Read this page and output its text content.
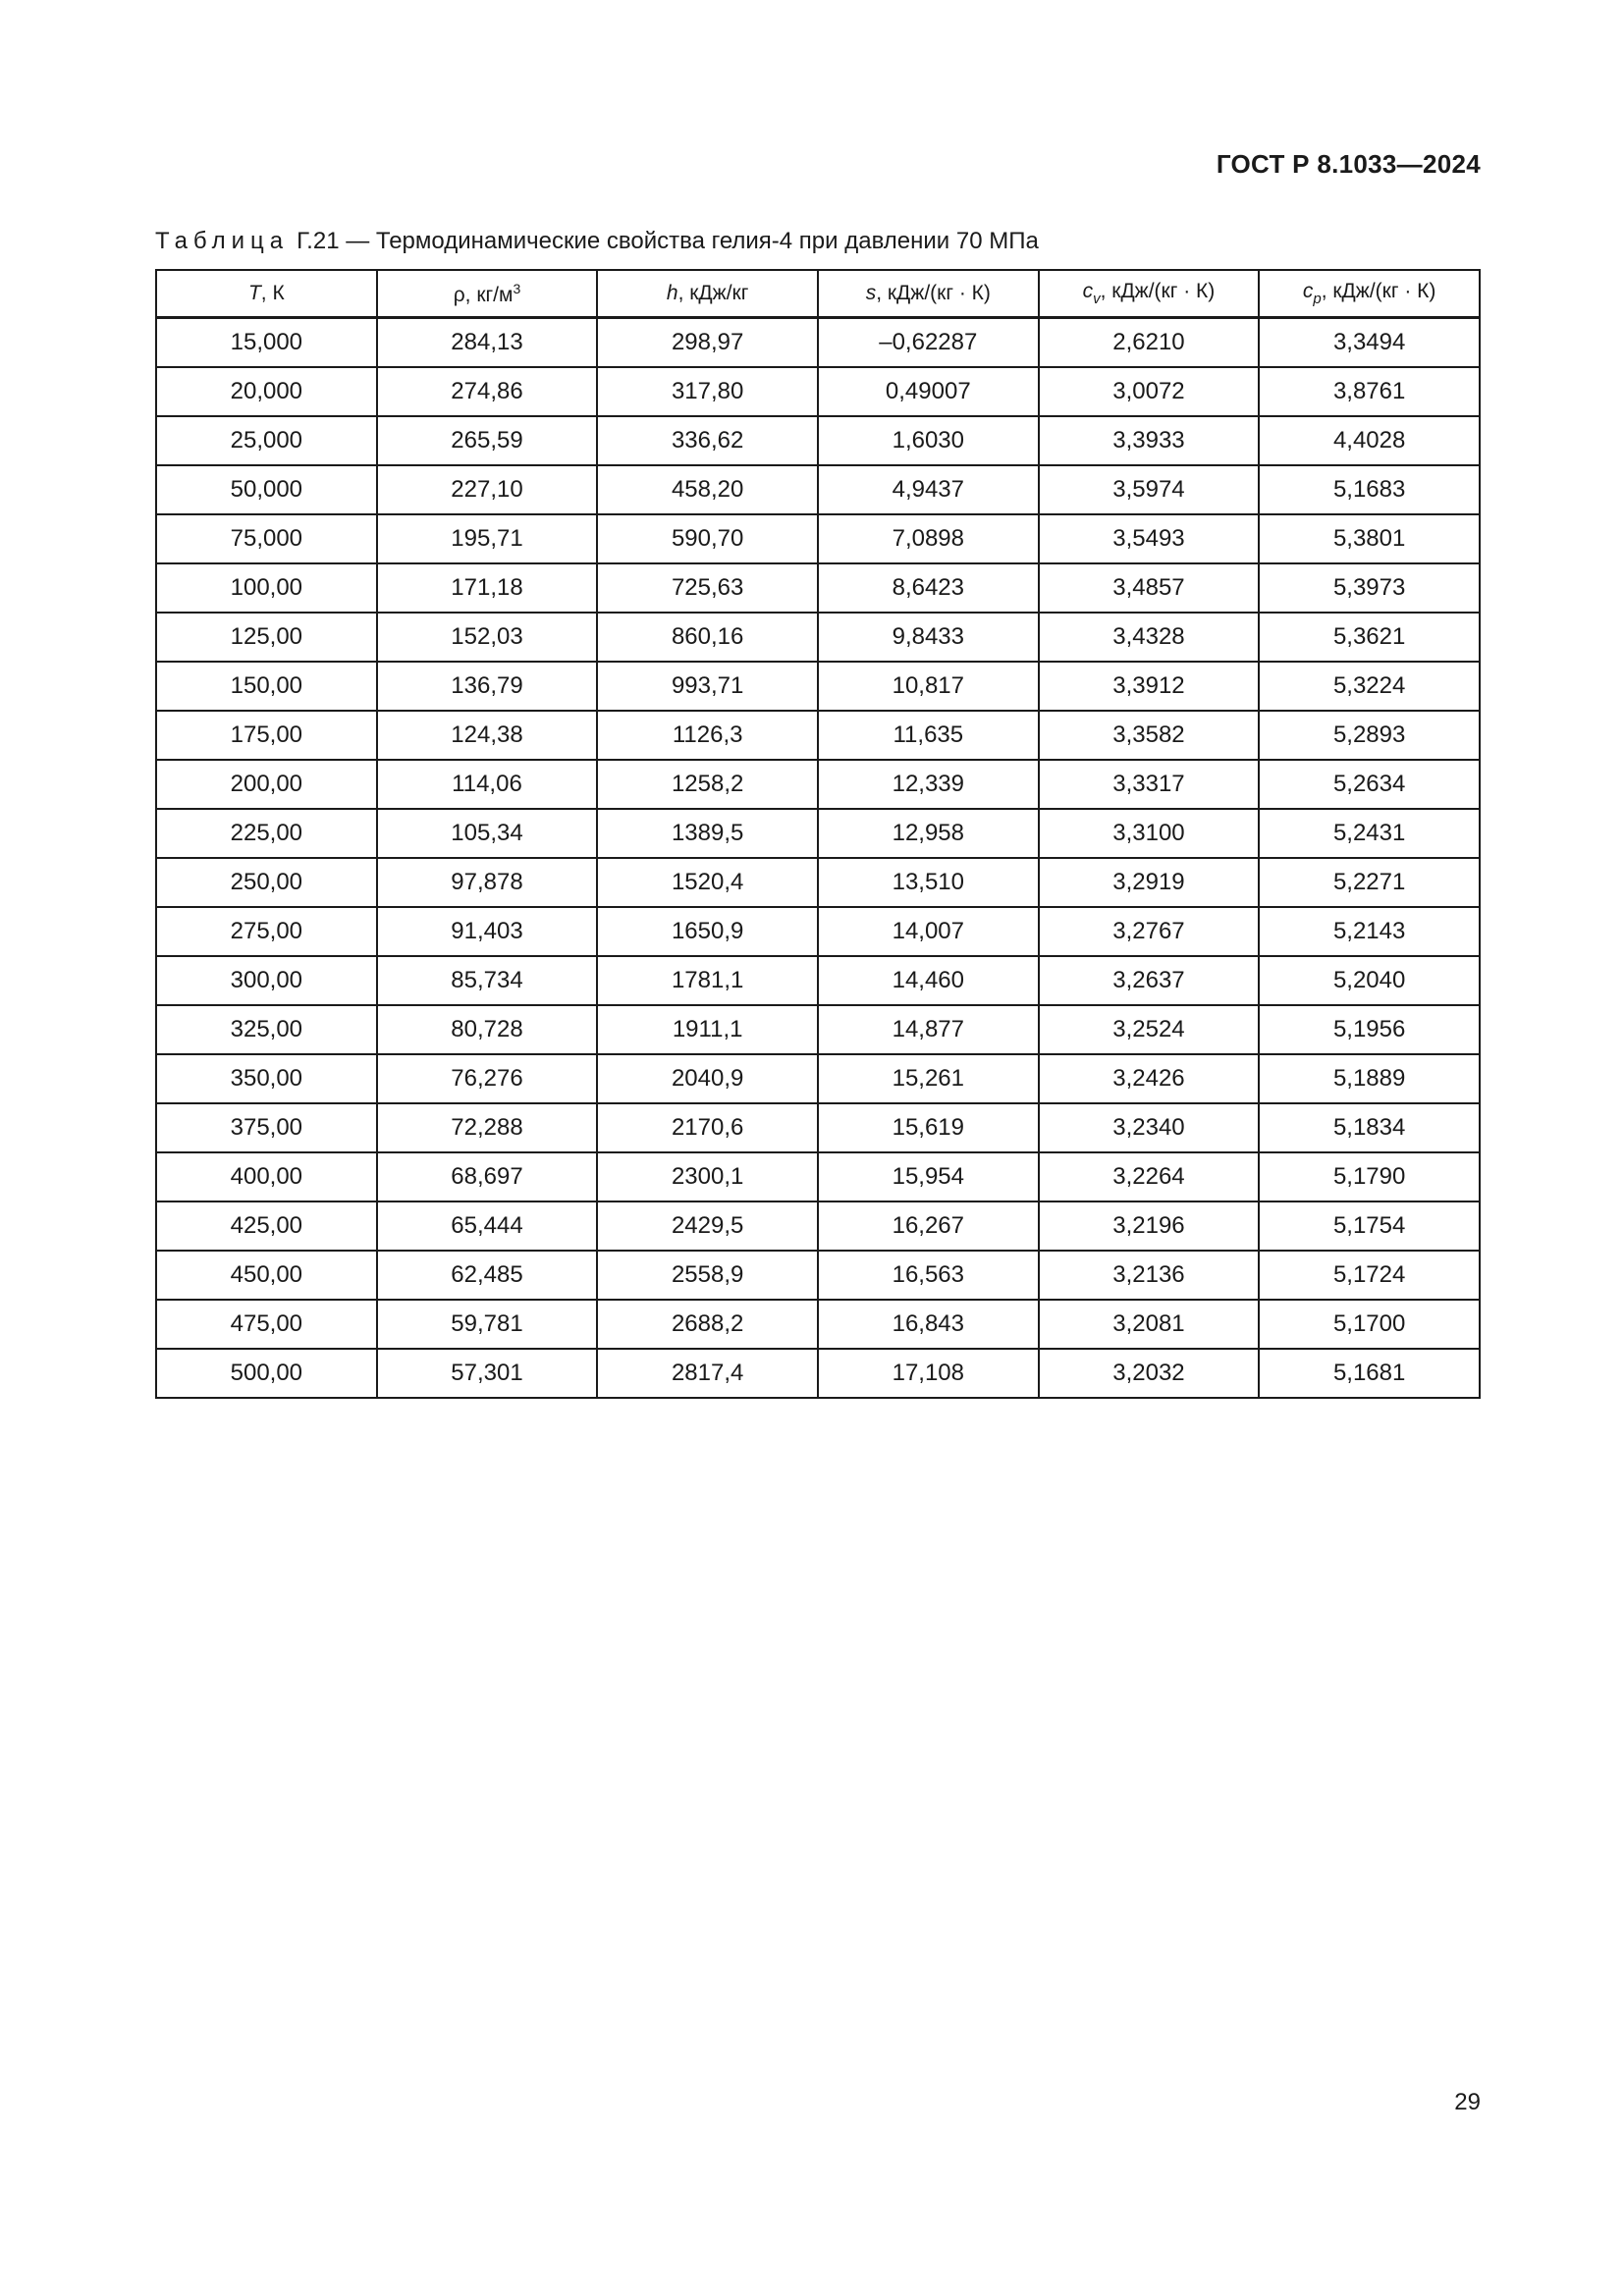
ГОСТ Р 8.1033—2024
Таблица Г.21 — Термодинамические свойства гелия-4 при давлении 70 МПа
T, К	ρ, $кг/м^3$	h, кДж/кг	s, кДж/(кг · К)	$c_v$, кДж/(кг · К)	$c_p$, кДж/(кг · К)
15,000	284,13	298,97	–0,62287	2,6210	3,3494
20,000	274,86	317,80	0,49007	3,0072	3,8761
25,000	265,59	336,62	1,6030	3,3933	4,4028
50,000	227,10	458,20	4,9437	3,5974	5,1683
75,000	195,71	590,70	7,0898	3,5493	5,3801
100,00	171,18	725,63	8,6423	3,4857	5,3973
125,00	152,03	860,16	9,8433	3,4328	5,3621
150,00	136,79	993,71	10,817	3,3912	5,3224
175,00	124,38	1126,3	11,635	3,3582	5,2893
200,00	114,06	1258,2	12,339	3,3317	5,2634
225,00	105,34	1389,5	12,958	3,3100	5,2431
250,00	97,878	1520,4	13,510	3,2919	5,2271
275,00	91,403	1650,9	14,007	3,2767	5,2143
300,00	85,734	1781,1	14,460	3,2637	5,2040
325,00	80,728	1911,1	14,877	3,2524	5,1956
350,00	76,276	2040,9	15,261	3,2426	5,1889
375,00	72,288	2170,6	15,619	3,2340	5,1834
400,00	68,697	2300,1	15,954	3,2264	5,1790
425,00	65,444	2429,5	16,267	3,2196	5,1754
450,00	62,485	2558,9	16,563	3,2136	5,1724
475,00	59,781	2688,2	16,843	3,2081	5,1700
500,00	57,301	2817,4	17,108	3,2032	5,1681
29
